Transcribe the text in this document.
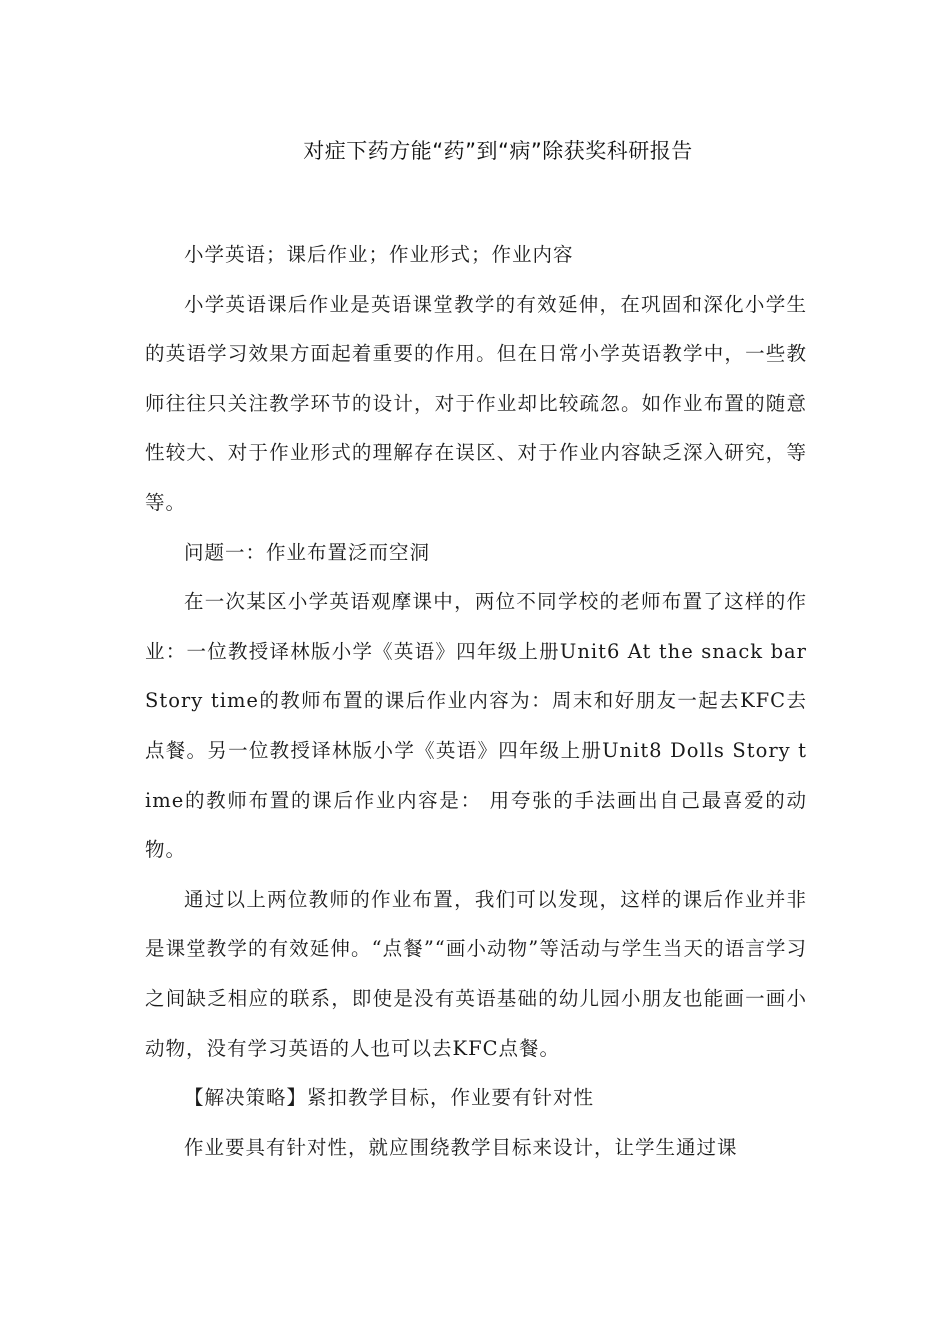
对症下药方能“药”到“病”除获奖科研报告

小学英语；课后作业；作业形式；作业内容

小学英语课后作业是英语课堂教学的有效延伸，在巩固和深化小学生的英语学习效果方面起着重要的作用。但在日常小学英语教学中，一些教师往往只关注教学环节的设计，对于作业却比较疏忽。如作业布置的随意性较大、对于作业形式的理解存在误区、对于作业内容缺乏深入研究，等等。

问题一：作业布置泛而空洞

在一次某区小学英语观摩课中，两位不同学校的老师布置了这样的作业：一位教授译林版小学《英语》四年级上册Unit6 At the snack bar Story time的教师布置的课后作业内容为：周末和好朋友一起去KFC去点餐。另一位教授译林版小学《英语》四年级上册Unit8 Dolls Story time的教师布置的课后作业内容是： 用夸张的手法画出自己最喜爱的动物。

通过以上两位教师的作业布置，我们可以发现，这样的课后作业并非是课堂教学的有效延伸。“点餐”“画小动物”等活动与学生当天的语言学习之间缺乏相应的联系，即使是没有英语基础的幼儿园小朋友也能画一画小动物，没有学习英语的人也可以去KFC点餐。

【解决策略】紧扣教学目标，作业要有针对性

作业要具有针对性，就应围绕教学目标来设计，让学生通过课
